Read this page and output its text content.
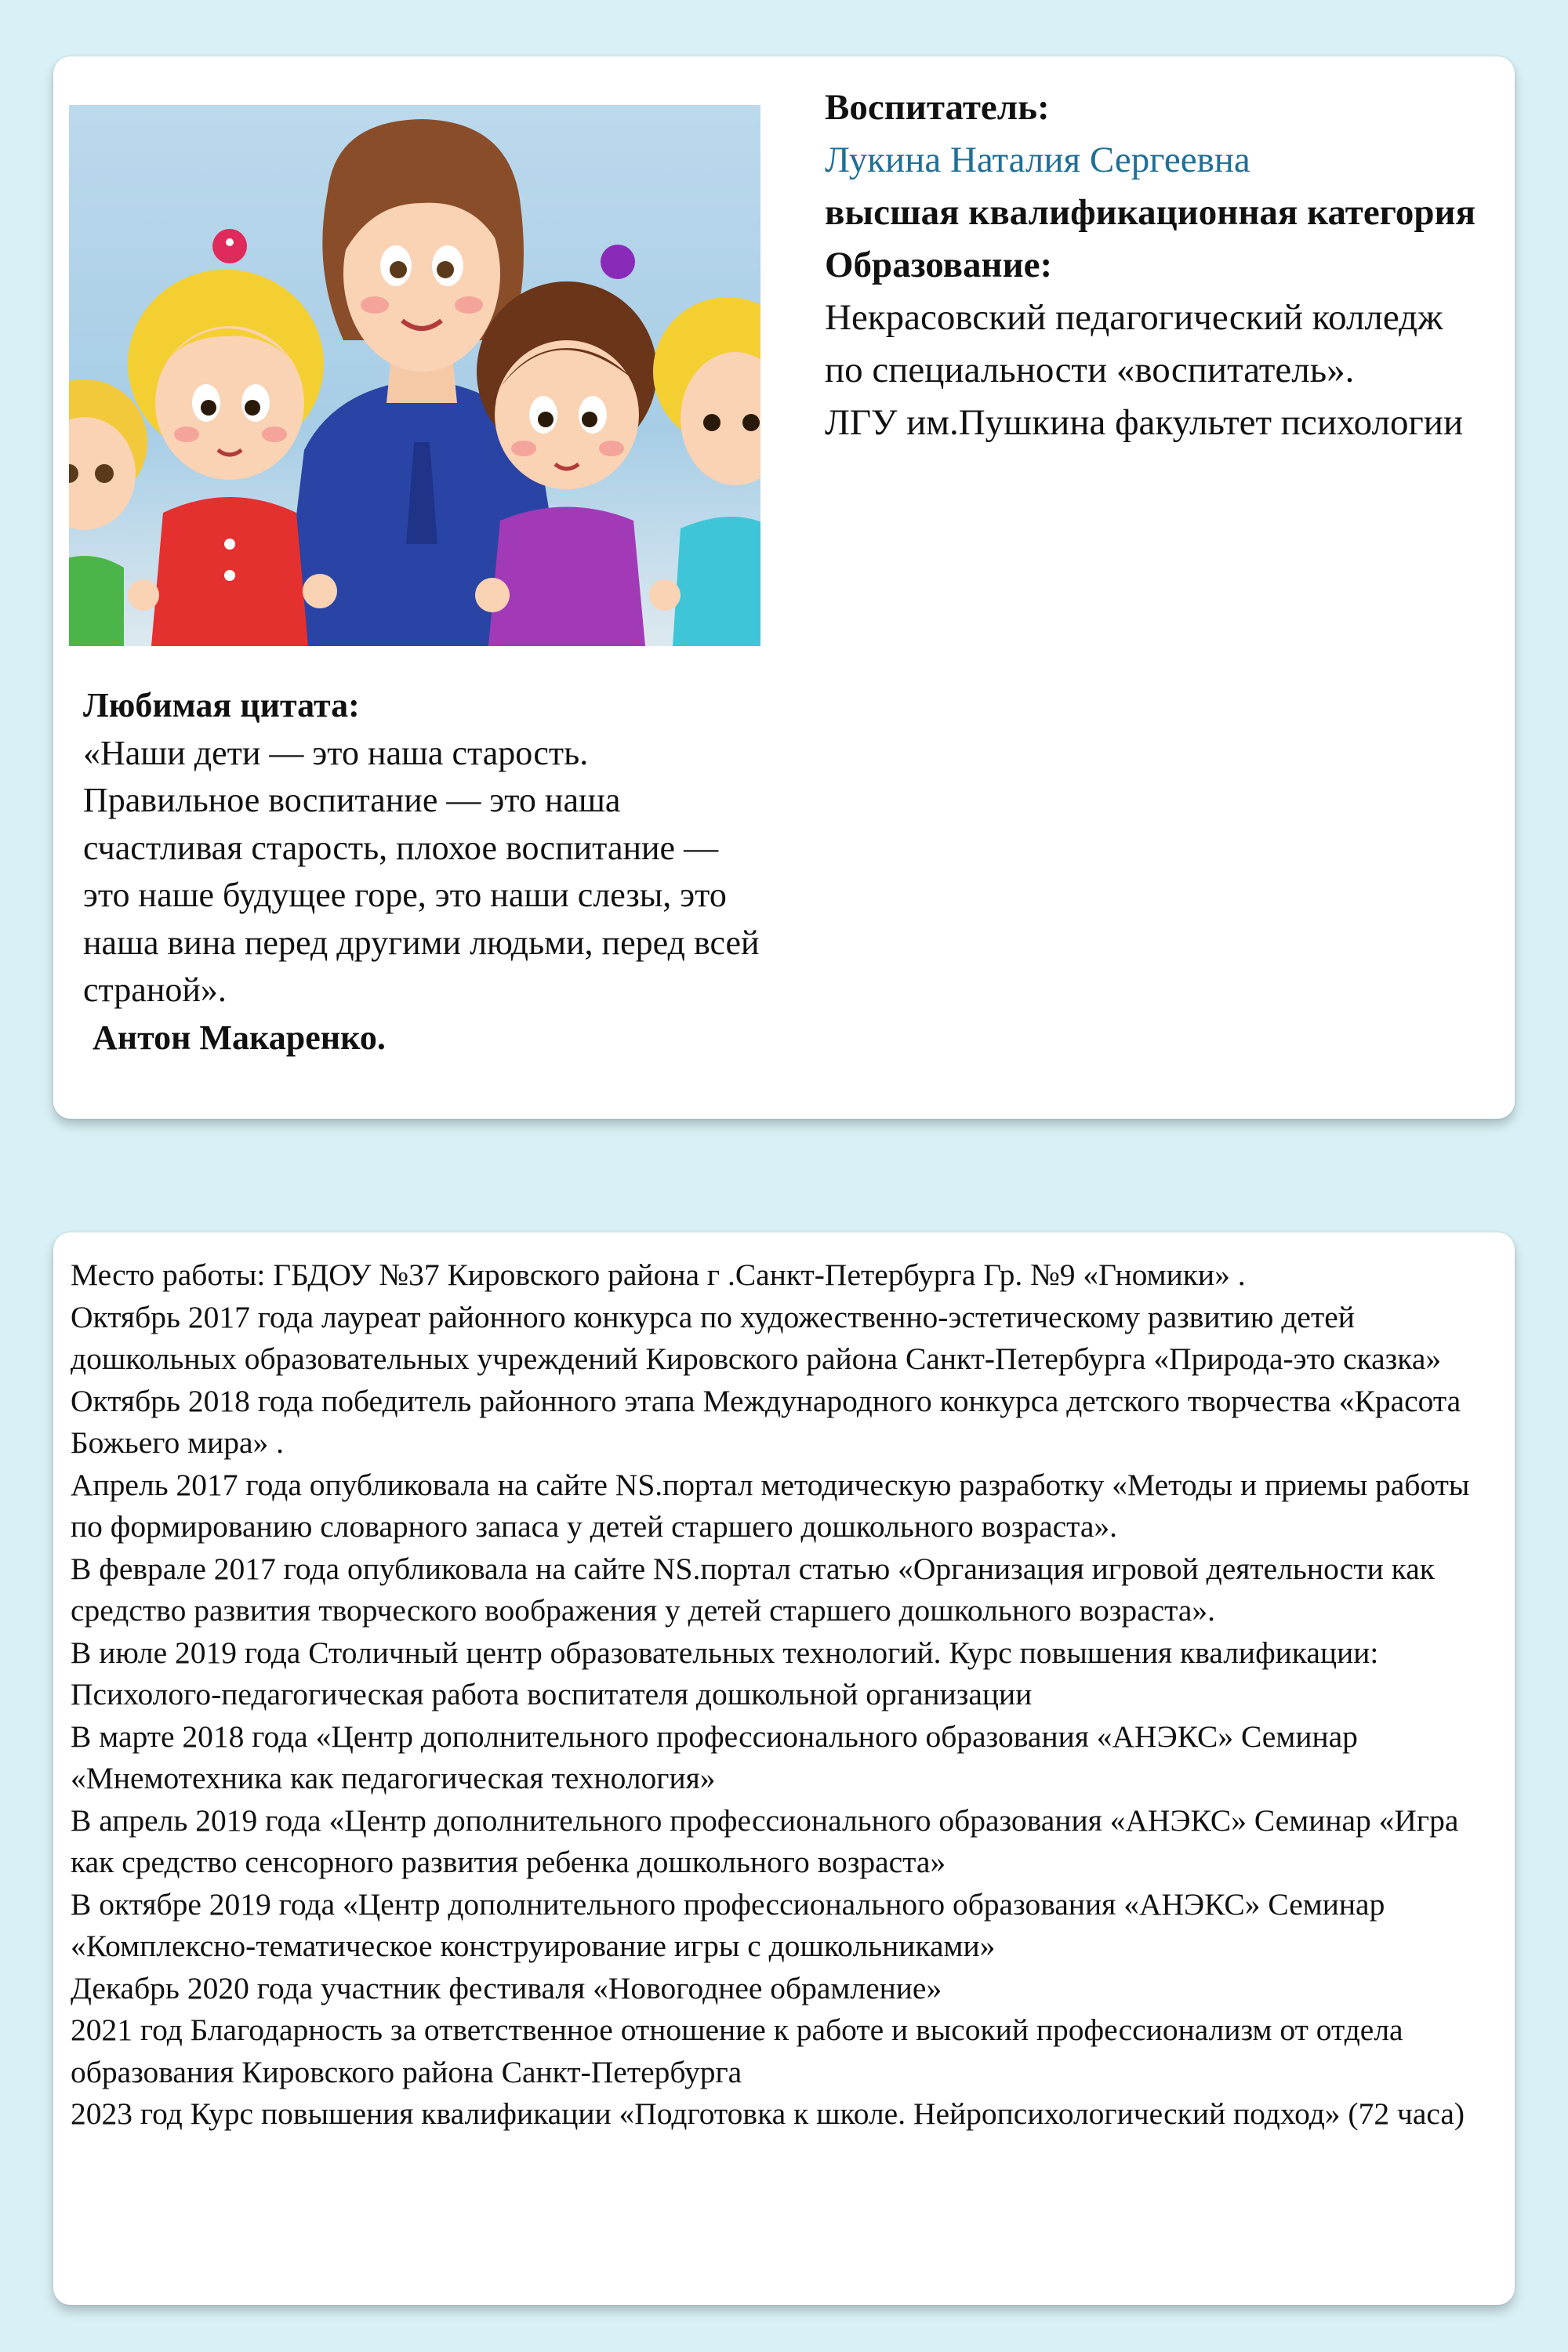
Воспитатель:
Лукина Наталия Сергеевна
высшая квалификационная категория
Образование:
Некрасовский педагогический колледж по специальности «воспитатель».
ЛГУ им.Пушкина факультет психологии
Любимая цитата:
«Наши дети — это наша старость. Правильное воспитание — это наша счастливая старость, плохое воспитание — это наше будущее горе, это наши слезы, это наша вина перед другими людьми, перед всей страной».
Антон Макаренко.

Место работы: ГБДОУ №37 Кировского района г .Санкт-Петербурга Гр. №9 «Гномики» .

Октябрь 2017 года лауреат районного конкурса по художественно-эстетическому развитию детей дошкольных образовательных учреждений Кировского района Санкт-Петербурга «Природа-это сказка»

Октябрь 2018 года победитель районного этапа Международного конкурса детского творчества «Красота Божьего мира» .

Апрель 2017 года опубликовала на сайте NS.портал методическую разработку «Методы и приемы работы по формированию словарного запаса у детей старшего дошкольного возраста».

В феврале 2017 года опубликовала на сайте NS.портал статью «Организация игровой деятельности как средство развития творческого воображения у детей старшего дошкольного возраста».

В июле 2019 года Столичный центр образовательных технологий. Курс повышения квалификации: Психолого-педагогическая работа воспитателя дошкольной организации

В марте 2018 года «Центр дополнительного профессионального образования «АНЭКС» Семинар «Мнемотехника как педагогическая технология»

В апрель 2019 года «Центр дополнительного профессионального образования «АНЭКС» Семинар «Игра как средство сенсорного развития ребенка дошкольного возраста»

В октябре 2019 года «Центр дополнительного профессионального образования «АНЭКС» Семинар «Комплексно-тематическое конструирование игры с дошкольниками»

Декабрь 2020 года участник фестиваля «Новогоднее обрамление»

2021 год Благодарность за ответственное отношение к работе и высокий профессионализм от отдела образования Кировского района Санкт-Петербурга

2023 год Курс повышения квалификации «Подготовка к школе. Нейропсихологический подход» (72 часа)
